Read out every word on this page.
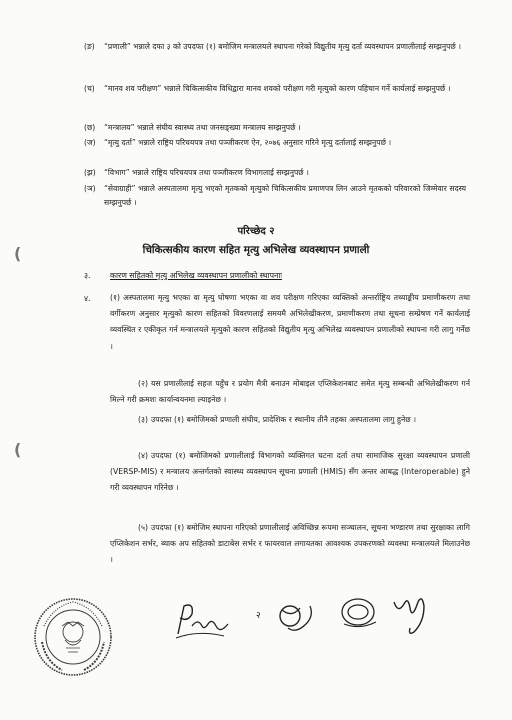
(ङ)	“प्रणाली” भन्नाले दफा ३ को उपदफा (१) बमोजिम मन्त्रालयले स्थापना गरेको विद्युतीय मृत्यु दर्ता व्यवस्थापन प्रणालीलाई सम्झनुपर्छ ।
(च)	“मानव शव परीक्षण” भन्नाले चिकित्सकीय विधिद्वारा मानव शवको परीक्षण गरी मृत्युको कारण पहिचान गर्ने कार्यलाई सम्झनुपर्छ ।
(छ)	“मन्त्रालय” भन्नाले संघीय स्वास्थ्य तथा जनसङ्ख्या मन्त्रालय सम्झनुपर्छ ।
(ज)	“मृत्यु दर्ता” भन्नाले राष्ट्रिय परिचयपत्र तथा पञ्जीकरण ऐन, २०७६ अनुसार गरिने मृत्यु दर्तालाई सम्झनुपर्छ ।
(झ)	“विभाग” भन्नाले राष्ट्रिय परिचयपत्र तथा पञ्जीकरण विभागलाई सम्झनुपर्छ ।
(ञ)	“सेवाग्राही” भन्नाले अस्पतालमा मृत्यु भएको मृतकको मृत्युको चिकित्सकीय प्रमाणपत्र लिन आउने मृतकको परिवारको जिम्मेवार सदस्य सम्झनुपर्छ ।
परिच्छेद २
चिकित्सकीय कारण सहित मृत्यु अभिलेख व्यवस्थापन प्रणाली
(
(
३. कारण सहितको मृत्यु अभिलेख व्यवस्थापन प्रणालीको स्थापनाः
४.	(१) अस्पतालमा मृत्यु भएका वा मृत्यु घोषणा भएका वा शव परीक्षण गरिएका व्यक्तिको अन्तर्राष्ट्रिय तथ्याङ्कीय प्रमाणीकरण तथा वर्गीकरण अनुसार मृत्युको कारण सहितको विवरणलाई समयमै अभिलेखीकरण, प्रमाणीकरण तथा सूचना सम्प्रेषण गर्ने कार्यलाई व्यवस्थित र एकीकृत गर्न मन्त्रालयले मृत्युको कारण सहितको विद्युतीय मृत्यु अभिलेख व्यवस्थापन प्रणालीको स्थापना गरी लागु गर्नेछ ।
(२) यस प्रणालीलाई सहज पहुँच र प्रयोग मैत्री बनाउन मोबाइल एप्लिकेशनबाट समेत मृत्यु सम्बन्धी अभिलेखीकरण गर्न मिल्ने गरी क्रमशः कार्यान्वयनमा ल्याइनेछ ।
(३) उपदफा (१) बमोजिमको प्रणाली संघीय, प्रादेशिक र स्थानीय तीनै तहका अस्पतालमा लागु हुनेछ ।
(४) उपदफा (१) बमोजिमको प्रणालीलाई विभागको व्यक्तिगत घटना दर्ता तथा सामाजिक सुरक्षा व्यवस्थापन प्रणाली (VERSP-MIS) र मन्त्रालय अन्तर्गतको स्वास्थ्य व्यवस्थापन सूचना प्रणाली (HMIS) सँग अन्तर आबद्ध (Interoperable) हुने गरी व्यवस्थापन गरिनेछ ।
(५) उपदफा (१) बमोजिम स्थापना गरिएको प्रणालीलाई अविच्छिन्न रूपमा सञ्चालन, सूचना भण्डारण तथा सुरक्षाका लागि एप्लिकेशन सर्भर, ब्याक अप सहितको डाटाबेस सर्भर र फायरवाल लगायतका आवश्यक उपकरणको व्यवस्था मन्त्रालयले मिलाउनेछ ।
२
